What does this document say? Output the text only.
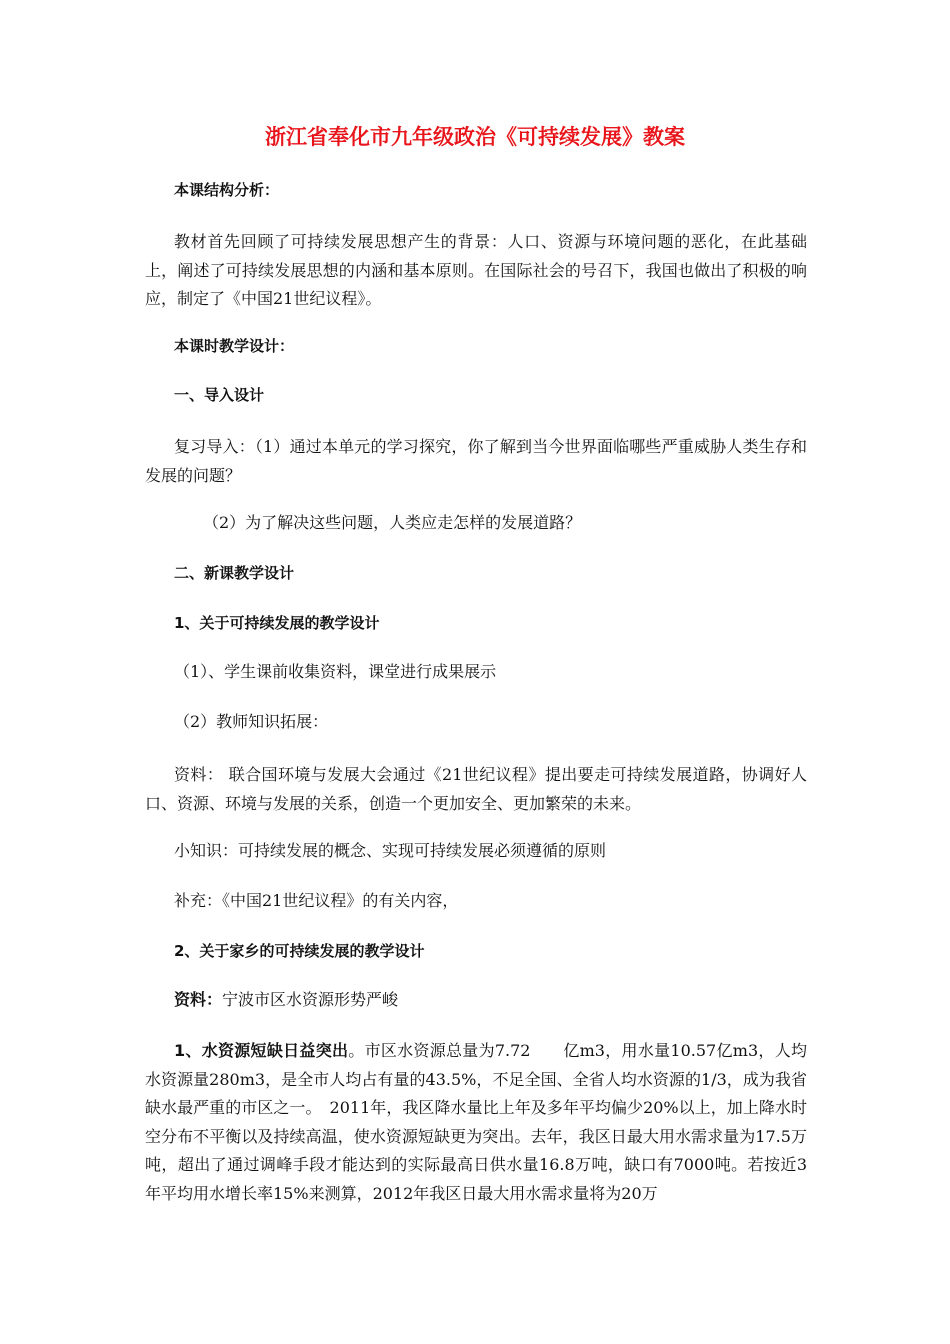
浙江省奉化市九年级政治《可持续发展》教案
本课结构分析：
教材首先回顾了可持续发展思想产生的背景：人口、资源与环境问题的恶化，在此基础上，阐述了可持续发展思想的内涵和基本原则。在国际社会的号召下，我国也做出了积极的响应，制定了《中国21世纪议程》。
本课时教学设计：
一、导入设计
复习导入：（1）通过本单元的学习探究，你了解到当今世界面临哪些严重威胁人类生存和发展的问题？
（2）为了解决这些问题，人类应走怎样的发展道路？
二、新课教学设计
1、关于可持续发展的教学设计
（1）、学生课前收集资料，课堂进行成果展示
（2）教师知识拓展：
资料： 联合国环境与发展大会通过《21世纪议程》提出要走可持续发展道路，协调好人口、资源、环境与发展的关系，创造一个更加安全、更加繁荣的未来。
小知识：可持续发展的概念、实现可持续发展必须遵循的原则
补充：《中国21世纪议程》的有关内容，
2、关于家乡的可持续发展的教学设计
资料：宁波市区水资源形势严峻
1、水资源短缺日益突出。市区水资源总量为7.72　　亿m3，用水量10.57亿m3，人均水资源量280m3，是全市人均占有量的43.5%，不足全国、全省人均水资源的1/3，成为我省缺水最严重的市区之一。　2011年，我区降水量比上年及多年平均偏少20%以上，加上降水时空分布不平衡以及持续高温，使水资源短缺更为突出。去年，我区日最大用水需求量为17.5万吨，超出了通过调峰手段才能达到的实际最高日供水量16.8万吨，缺口有7000吨。若按近3年平均用水增长率15%来测算，2012年我区日最大用水需求量将为20万
